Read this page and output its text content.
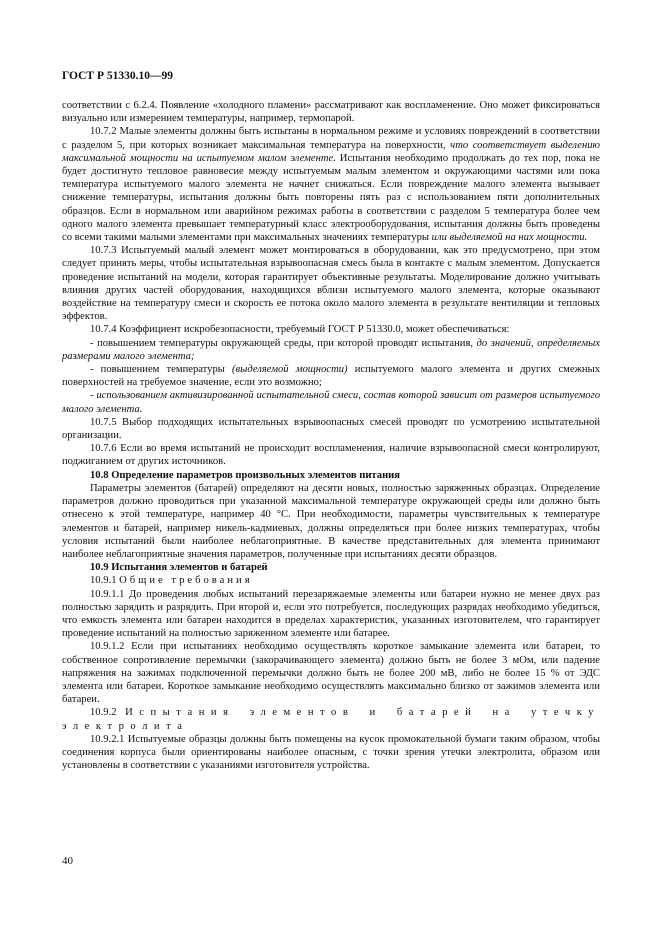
ГОСТ Р 51330.10—99

соответствии с 6.2.4. Появление «холодного пламени» рассматривают как воспламенение. Оно может фиксироваться визуально или измерением температуры, например, термопарой.

10.7.2 Малые элементы должны быть испытаны в нормальном режиме и условиях повреждений в соответствии с разделом 5, при которых возникает максимальная температура на поверхности, что соответствует выделению максимальной мощности на испытуемом малом элементе. Испытания необходимо продолжать до тех пор, пока не будет достигнуто тепловое равновесие между испытуемым малым элементом и окружающими частями или пока температура испытуемого малого элемента не начнет снижаться. Если повреждение малого элемента вызывает снижение температуры, испытания должны быть повторены пять раз с использованием пяти дополнительных образцов. Если в нормальном или аварийном режимах работы в соответствии с разделом 5 температура более чем одного малого элемента превышает температурный класс электрооборудования, испытания должны быть проведены со всеми такими малыми элементами при максимальных значениях температуры или выделяемой на них мощности.

10.7.3 Испытуемый малый элемент может монтироваться в оборудовании, как это предусмотрено, при этом следует принять меры, чтобы испытательная взрывоопасная смесь была в контакте с малым элементом. Допускается проведение испытаний на модели, которая гарантирует объективные результаты. Моделирование должно учитывать влияния других частей оборудования, находящихся вблизи испытуемого малого элемента, которые оказывают воздействие на температуру смеси и скорость ее потока около малого элемента в результате вентиляции и тепловых эффектов.

10.7.4 Коэффициент искробезопасности, требуемый ГОСТ Р 51330.0, может обеспечиваться:

- повышением температуры окружающей среды, при которой проводят испытания, до значений, определяемых размерами малого элемента;

- повышением температуры (выделяемой мощности) испытуемого малого элемента и других смежных поверхностей на требуемое значение, если это возможно;

- использованием активизированной испытательной смеси, состав которой зависит от размеров испытуемого малого элемента.

10.7.5 Выбор подходящих испытательных взрывоопасных смесей проводят по усмотрению испытательной организации.

10.7.6 Если во время испытаний не происходит воспламенения, наличие взрывоопасной смеси контролируют, поджиганием от других источников.

10.8 Определение параметров произвольных элементов питания

Параметры элементов (батарей) определяют на десяти новых, полностью заряженных образцах. Определение параметров должно проводиться при указанной максимальной температуре окружающей среды или должно быть отнесено к этой температуре, например 40 °С. При необходимости, параметры чувствительных к температуре элементов и батарей, например никель-кадмиевых, должны определяться при более низких температурах, чтобы условия испытаний были наиболее неблагоприятные. В качестве представительных для элемента принимают наиболее неблагоприятные значения параметров, полученные при испытаниях десяти образцов.

10.9 Испытания элементов и батарей

10.9.1 Общие требования

10.9.1.1 До проведения любых испытаний перезаряжаемые элементы или батареи нужно не менее двух раз полностью зарядить и разрядить. При второй и, если это потребуется, последующих разрядах необходимо убедиться, что емкость элемента или батареи находится в пределах характеристик, указанных изготовителем, что гарантирует проведение испытаний на полностью заряженном элементе или батарее.

10.9.1.2 Если при испытаниях необходимо осуществлять короткое замыкание элемента или батареи, то собственное сопротивление перемычки (закорачивающего элемента) должно быть не более 3 мОм, или падение напряжения на зажимах подключенной перемычки должно быть не более 200 мВ, либо не более 15 % от ЭДС элемента или батареи. Короткое замыкание необходимо осуществлять максимально близко от зажимов элемента или батареи.

10.9.2 Испытания элементов и батарей на утечку электролита

10.9.2.1 Испытуемые образцы должны быть помещены на кусок промокательной бумаги таким образом, чтобы соединения корпуса были ориентированы наиболее опасным, с точки зрения утечки электролита, образом или установлены в соответствии с указаниями изготовителя устройства.

40
